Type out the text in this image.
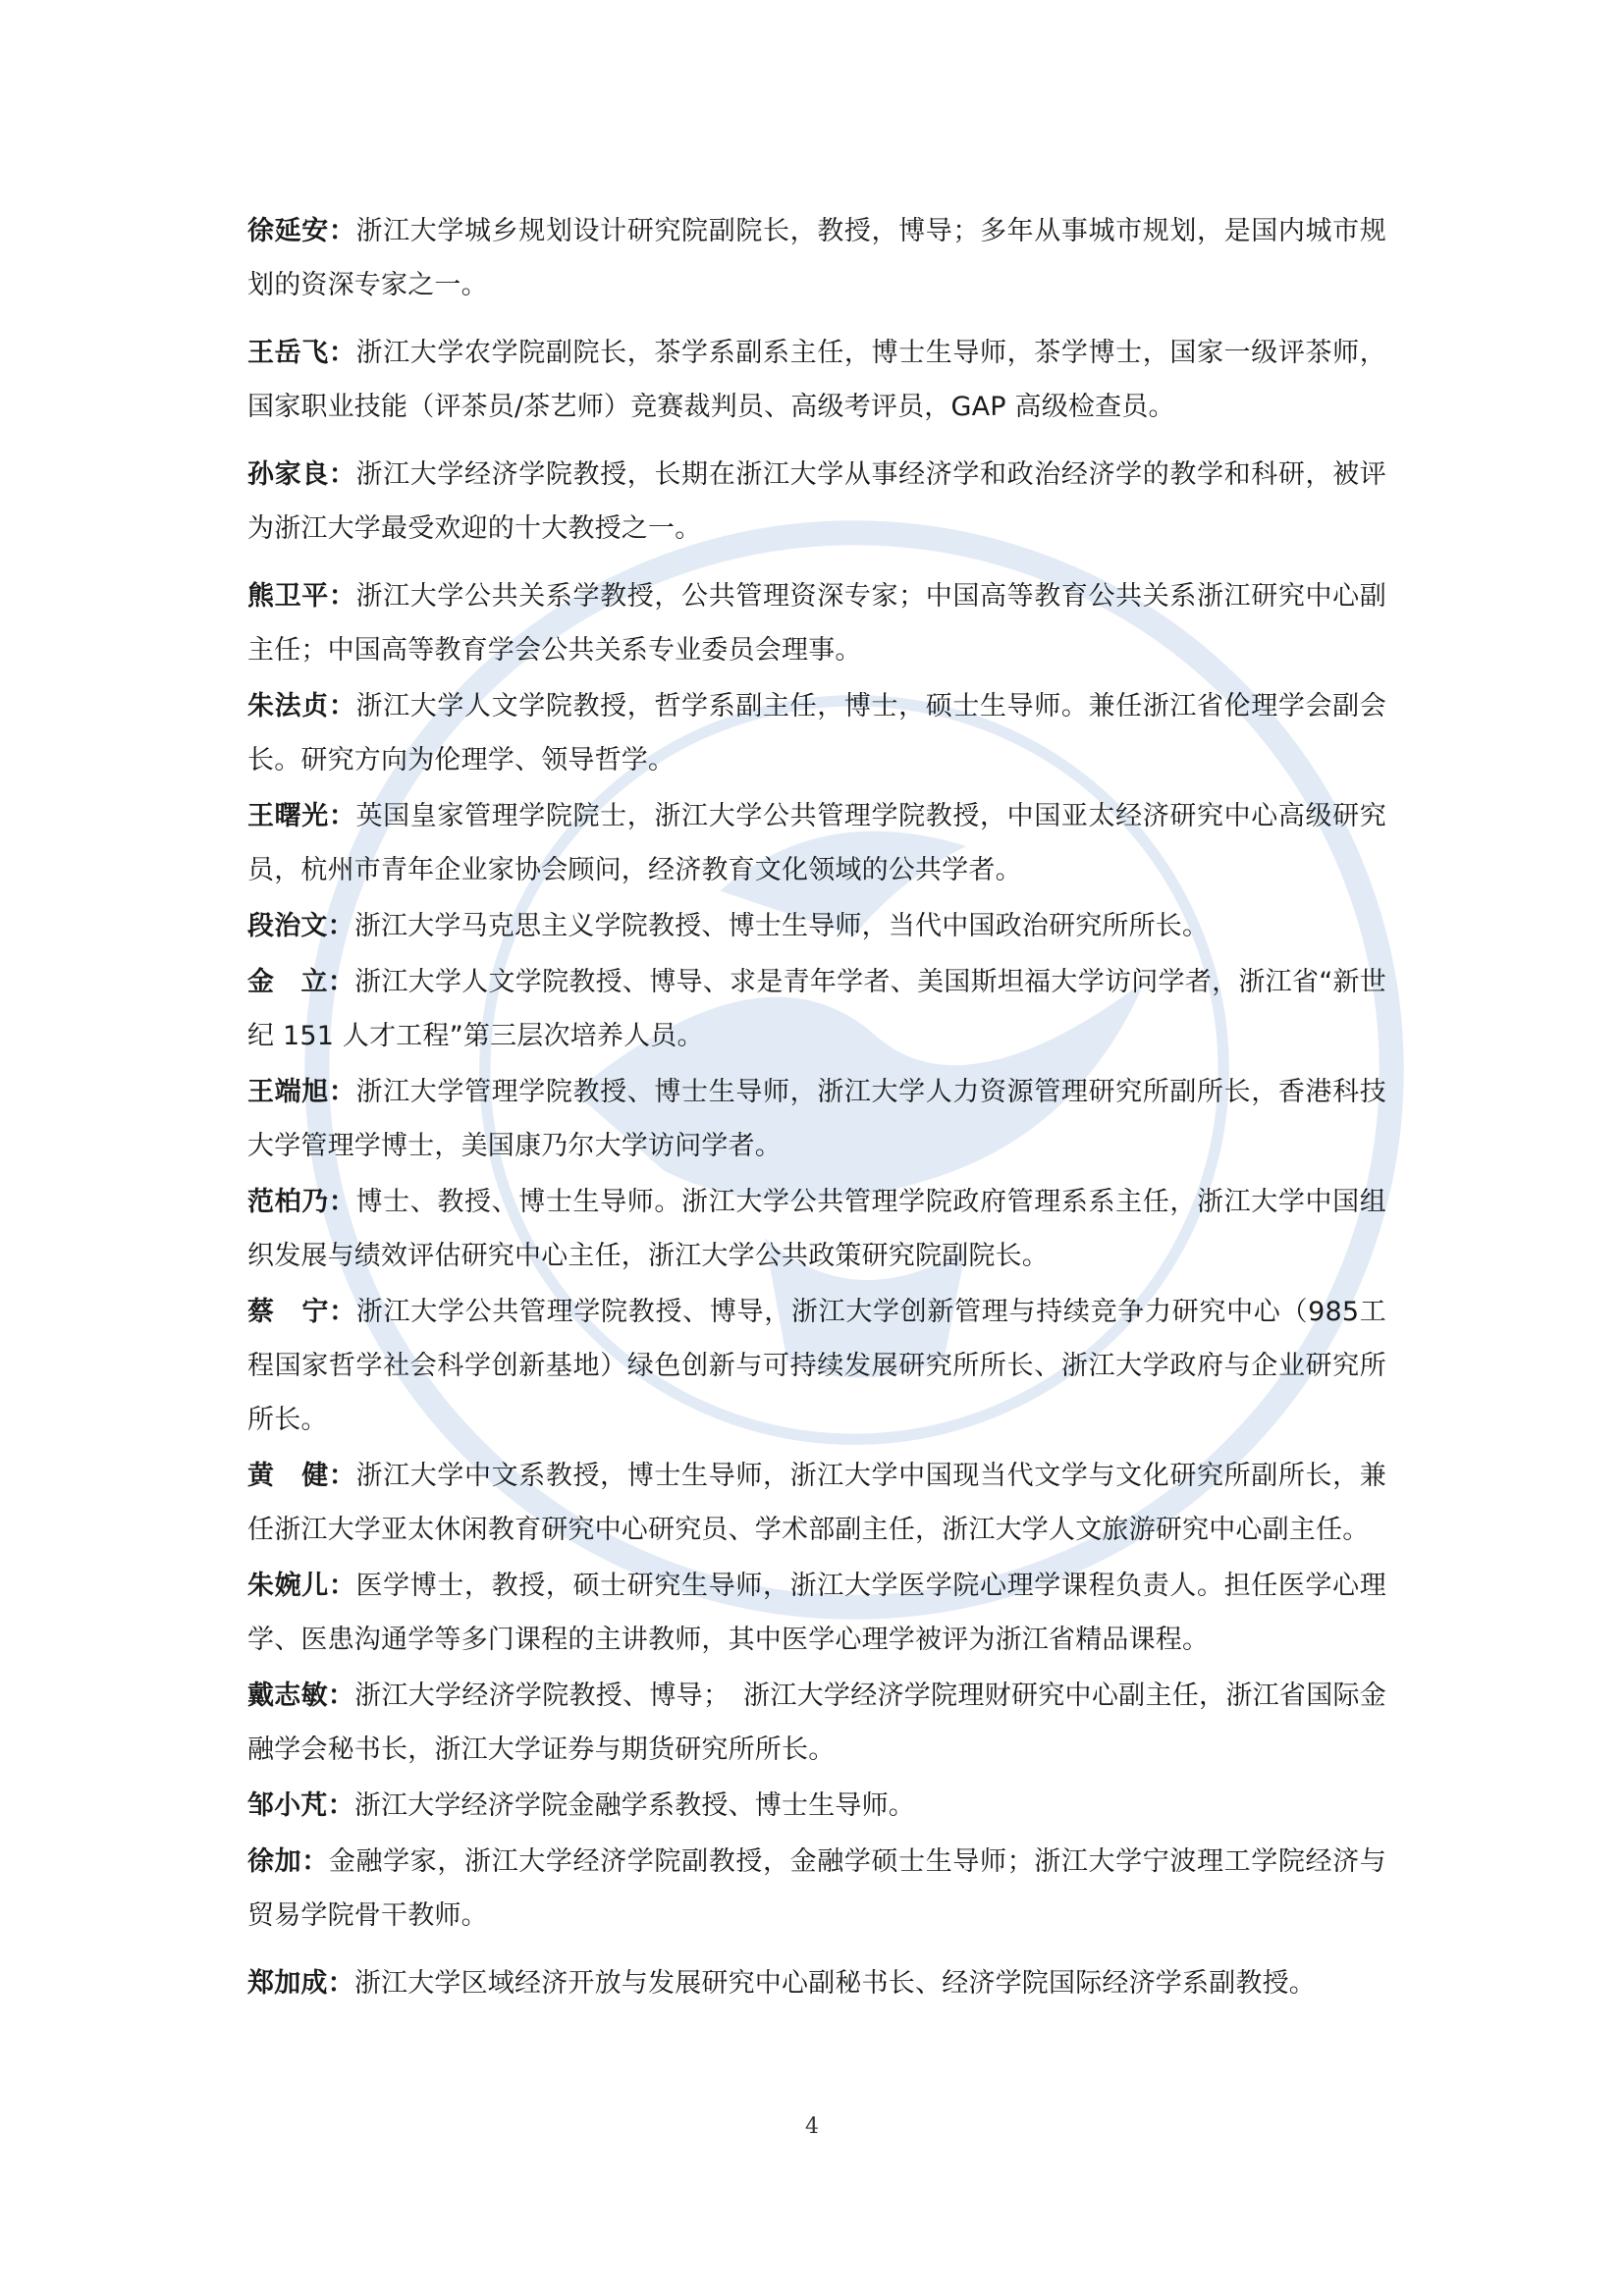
徐延安：浙江大学城乡规划设计研究院副院长，教授，博导；多年从事城市规划，是国内城市规划的资深专家之一。

王岳飞：浙江大学农学院副院长，茶学系副系主任，博士生导师，茶学博士，国家一级评茶师，国家职业技能（评茶员/茶艺师）竞赛裁判员、高级考评员，GAP 高级检查员。

孙家良：浙江大学经济学院教授，长期在浙江大学从事经济学和政治经济学的教学和科研，被评为浙江大学最受欢迎的十大教授之一。

熊卫平：浙江大学公共关系学教授，公共管理资深专家；中国高等教育公共关系浙江研究中心副主任；中国高等教育学会公共关系专业委员会理事。

朱法贞：浙江大学人文学院教授，哲学系副主任，博士，硕士生导师。兼任浙江省伦理学会副会长。研究方向为伦理学、领导哲学。

王曙光：英国皇家管理学院院士，浙江大学公共管理学院教授，中国亚太经济研究中心高级研究员，杭州市青年企业家协会顾问，经济教育文化领域的公共学者。

段治文：浙江大学马克思主义学院教授、博士生导师，当代中国政治研究所所长。

金　立：浙江大学人文学院教授、博导、求是青年学者、美国斯坦福大学访问学者，浙江省“新世纪 151 人才工程”第三层次培养人员。

王端旭：浙江大学管理学院教授、博士生导师，浙江大学人力资源管理研究所副所长，香港科技大学管理学博士，美国康乃尔大学访问学者。

范柏乃：博士、教授、博士生导师。浙江大学公共管理学院政府管理系系主任，浙江大学中国组织发展与绩效评估研究中心主任，浙江大学公共政策研究院副院长。

蔡　宁：浙江大学公共管理学院教授、博导，浙江大学创新管理与持续竞争力研究中心（985工程国家哲学社会科学创新基地）绿色创新与可持续发展研究所所长、浙江大学政府与企业研究所所长。

黄　健：浙江大学中文系教授，博士生导师，浙江大学中国现当代文学与文化研究所副所长，兼任浙江大学亚太休闲教育研究中心研究员、学术部副主任，浙江大学人文旅游研究中心副主任。

朱婉儿：医学博士，教授，硕士研究生导师，浙江大学医学院心理学课程负责人。担任医学心理学、医患沟通学等多门课程的主讲教师，其中医学心理学被评为浙江省精品课程。

戴志敏：浙江大学经济学院教授、博导；　浙江大学经济学院理财研究中心副主任，浙江省国际金融学会秘书长，浙江大学证券与期货研究所所长。

邹小芃：浙江大学经济学院金融学系教授、博士生导师。

徐加：金融学家，浙江大学经济学院副教授，金融学硕士生导师；浙江大学宁波理工学院经济与贸易学院骨干教师。

郑加成：浙江大学区域经济开放与发展研究中心副秘书长、经济学院国际经济学系副教授。

4
